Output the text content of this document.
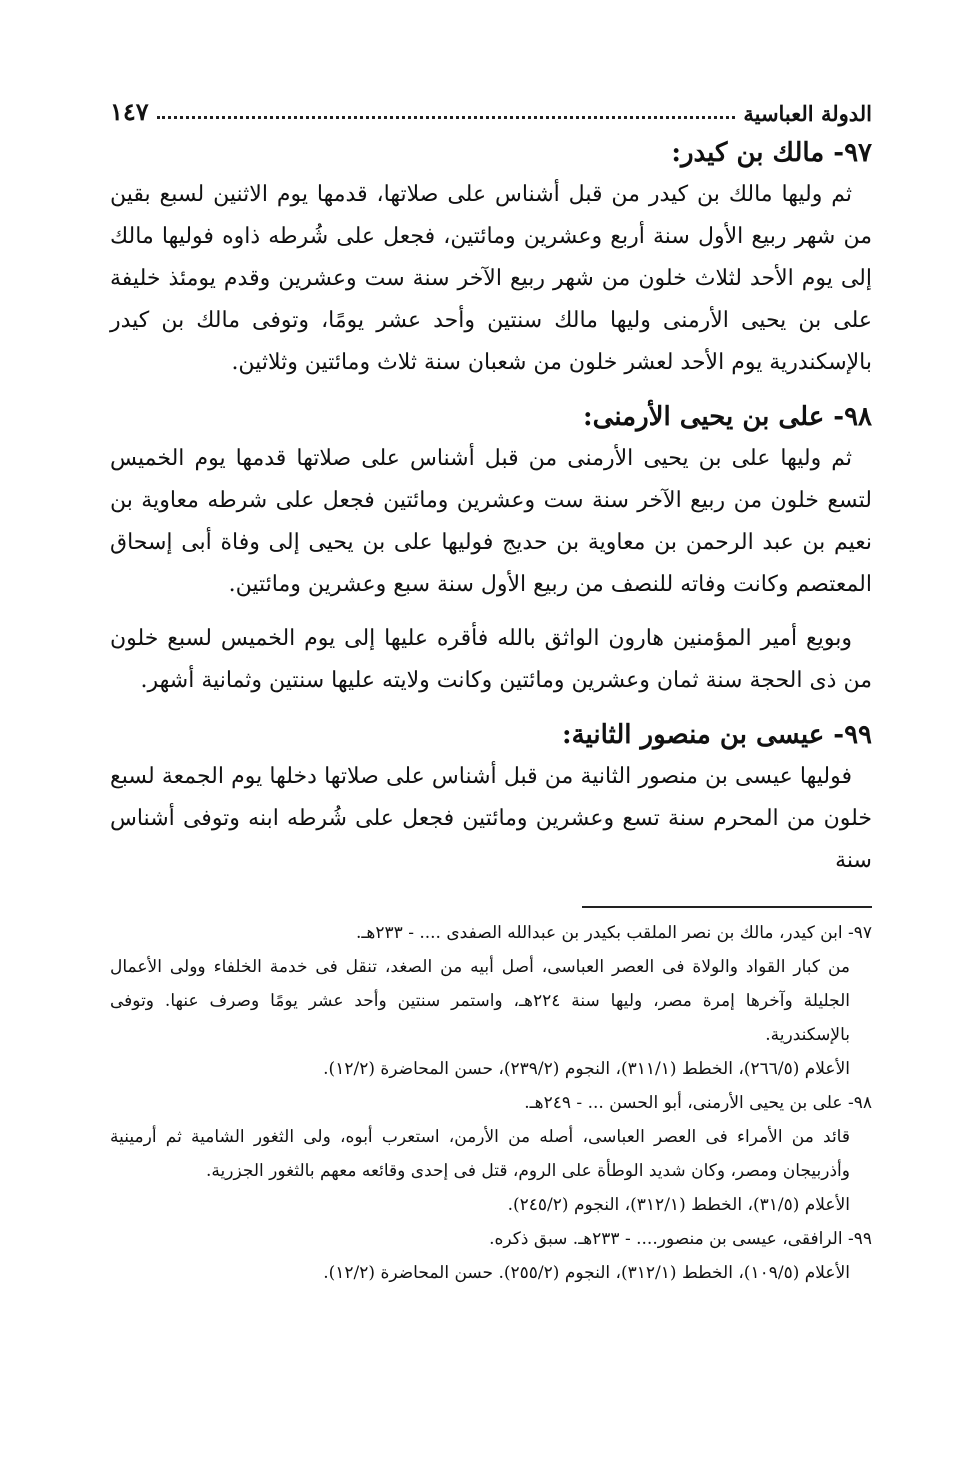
الدولة العباسية
١٤٧
٩٧- مالك بن كيدر:

ثم وليها مالك بن كيدر من قبل أشناس على صلاتها، قدمها يوم الاثنين لسبع بقين من شهر ربيع الأول سنة أربع وعشرين ومائتين، فجعل على شُرطه ذاوه فوليها مالك إلى يوم الأحد لثلاث خلون من شهر ربيع الآخر سنة ست وعشرين وقدم يومئذ خليفة على بن يحيى الأرمنى وليها مالك سنتين وأحد عشر يومًا، وتوفى مالك بن كيدر بالإسكندرية يوم الأحد لعشر خلون من شعبان سنة ثلاث ومائتين وثلاثين.

٩٨- على بن يحيى الأرمنى:

ثم وليها على بن يحيى الأرمنى من قبل أشناس على صلاتها قدمها يوم الخميس لتسع خلون من ربيع الآخر سنة ست وعشرين ومائتين فجعل على شرطه معاوية بن نعيم بن عبد الرحمن بن معاوية بن حديج فوليها على بن يحيى إلى وفاة أبى إسحاق المعتصم وكانت وفاته للنصف من ربيع الأول سنة سبع وعشرين ومائتين.

وبويع أمير المؤمنين هارون الواثق بالله فأقره عليها إلى يوم الخميس لسبع خلون من ذى الحجة سنة ثمان وعشرين ومائتين وكانت ولايته عليها سنتين وثمانية أشهر.

٩٩- عيسى بن منصور الثانية:

فوليها عيسى بن منصور الثانية من قبل أشناس على صلاتها دخلها يوم الجمعة لسبع خلون من المحرم سنة تسع وعشرين ومائتين فجعل على شُرطه ابنه وتوفى أشناس سنة

٩٧- ابن كيدر، مالك بن نصر الملقب بكيدر بن عبدالله الصفدى .... - ٢٣٣هـ.

من كبار القواد والولاة فى العصر العباسى، أصل أبيه من الصغد، تنقل فى خدمة الخلفاء وولى الأعمال الجليلة وآخرها إمرة مصر، وليها سنة ٢٢٤هـ، واستمر سنتين وأحد عشر يومًا وصرف عنها. وتوفى بالإسكندرية.

الأعلام (٢٦٦/٥)، الخطط (٣١١/١)، النجوم (٢٣٩/٢)، حسن المحاضرة (١٢/٢).

٩٨- على بن يحيى الأرمنى، أبو الحسن ... - ٢٤٩هـ.

قائد من الأمراء فى العصر العباسى، أصله من الأرمن، استعرب أبوه، ولى الثغور الشامية ثم أرمينية وأذربيجان ومصر، وكان شديد الوطأة على الروم، قتل فى إحدى وقائعه معهم بالثغور الجزرية.

الأعلام (٣١/٥)، الخطط (٣١٢/١)، النجوم (٢٤٥/٢).

٩٩- الرافقى، عيسى بن منصور.... - ٢٣٣هـ. سبق ذكره.

الأعلام (١٠٩/٥)، الخطط (٣١٢/١)، النجوم (٢٥٥/٢). حسن المحاضرة (١٢/٢).
